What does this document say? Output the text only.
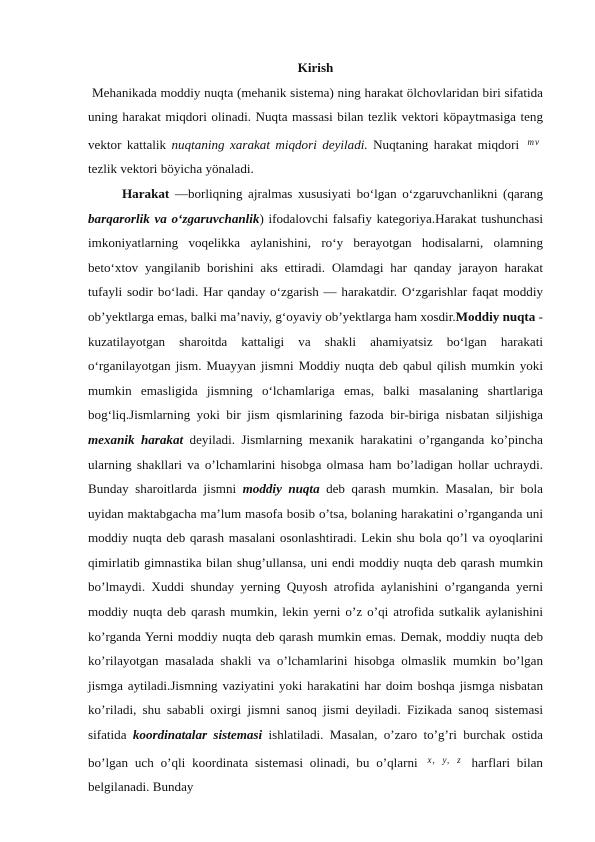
Kirish

Mehanikada moddiy nuqta (mehanik sistema) ning harakat ölchovlaridan biri sifatida uning harakat miqdori olinadi. Nuqta massasi bilan tezlik vektori köpaytmasiga teng vektor kattalik nuqtaning xarakat miqdori deyiladi. Nuqtaning harakat miqdori $^{mv}$ tezlik vektori böyicha yönaladi.

Harakat —borliqning ajralmas xususiyati boʻlgan oʻzgaruvchanlikni (qarang barqarorlik va oʻzgaruvchanlik) ifodalovchi falsafiy kategoriya.Harakat tushunchasi imkoniyatlarning voqelikka aylanishini, roʻy berayotgan hodisalarni, olamning betoʻxtov yangilanib borishini aks ettiradi. Olamdagi har qanday jarayon harakat tufayli sodir boʻladi. Har qanday oʻzgarish — harakatdir. Oʻzgarishlar faqat moddiy obʼyektlarga emas, balki maʼnaviy, gʻoyaviy obʼyektlarga ham xosdir.Moddiy nuqta - kuzatilayotgan sharoitda kattaligi va shakli ahamiyatsiz bo‘lgan harakati o‘rganilayotgan jism. Muayyan jismni Moddiy nuqta deb qabul qilish mumkin yoki mumkin emasligida jismning o‘lchamlariga emas, balki masalaning shartlariga bog‘liq.Jismlarning yoki bir jism qismlarining fazoda bir-biriga nisbatan siljishiga mexanik harakat deyiladi. Jismlarning mexanik harakatini o’rganganda ko’pincha ularning shakllari va o’lchamlarini hisobga olmasa ham bo’ladigan hollar uchraydi. Bunday sharoitlarda jismni moddiy nuqta deb qarash mumkin. Masalan, bir bola uyidan maktabgacha ma’lum masofa bosib o’tsa, bolaning harakatini o’rganganda uni moddiy nuqta deb qarash masalani osonlashtiradi. Lekin shu bola qo’l va oyoqlarini qimirlatib gimnastika bilan shug’ullansa, uni endi moddiy nuqta deb qarash mumkin bo’lmaydi. Xuddi shunday yerning Quyosh atrofida aylanishini o’rganganda yerni moddiy nuqta deb qarash mumkin, lekin yerni o’z o’qi atrofida sutkalik aylanishini ko’rganda Yerni moddiy nuqta deb qarash mumkin emas. Demak, moddiy nuqta deb ko’rilayotgan masalada shakli va o’lchamlarini hisobga olmaslik mumkin bo’lgan jismga aytiladi.Jismning vaziyatini yoki harakatini har doim boshqa jismga nisbatan ko’riladi, shu sababli oxirgi jismni sanoq jismi deyiladi. Fizikada sanoq sistemasi sifatida koordinatalar sistemasi ishlatiladi. Masalan, o’zaro to’g’ri burchak ostida bo’lgan uch o’qli koordinata sistemasi olinadi, bu o’qlarni $^{x, y, z}$ harflari bilan belgilanadi. Bunday
